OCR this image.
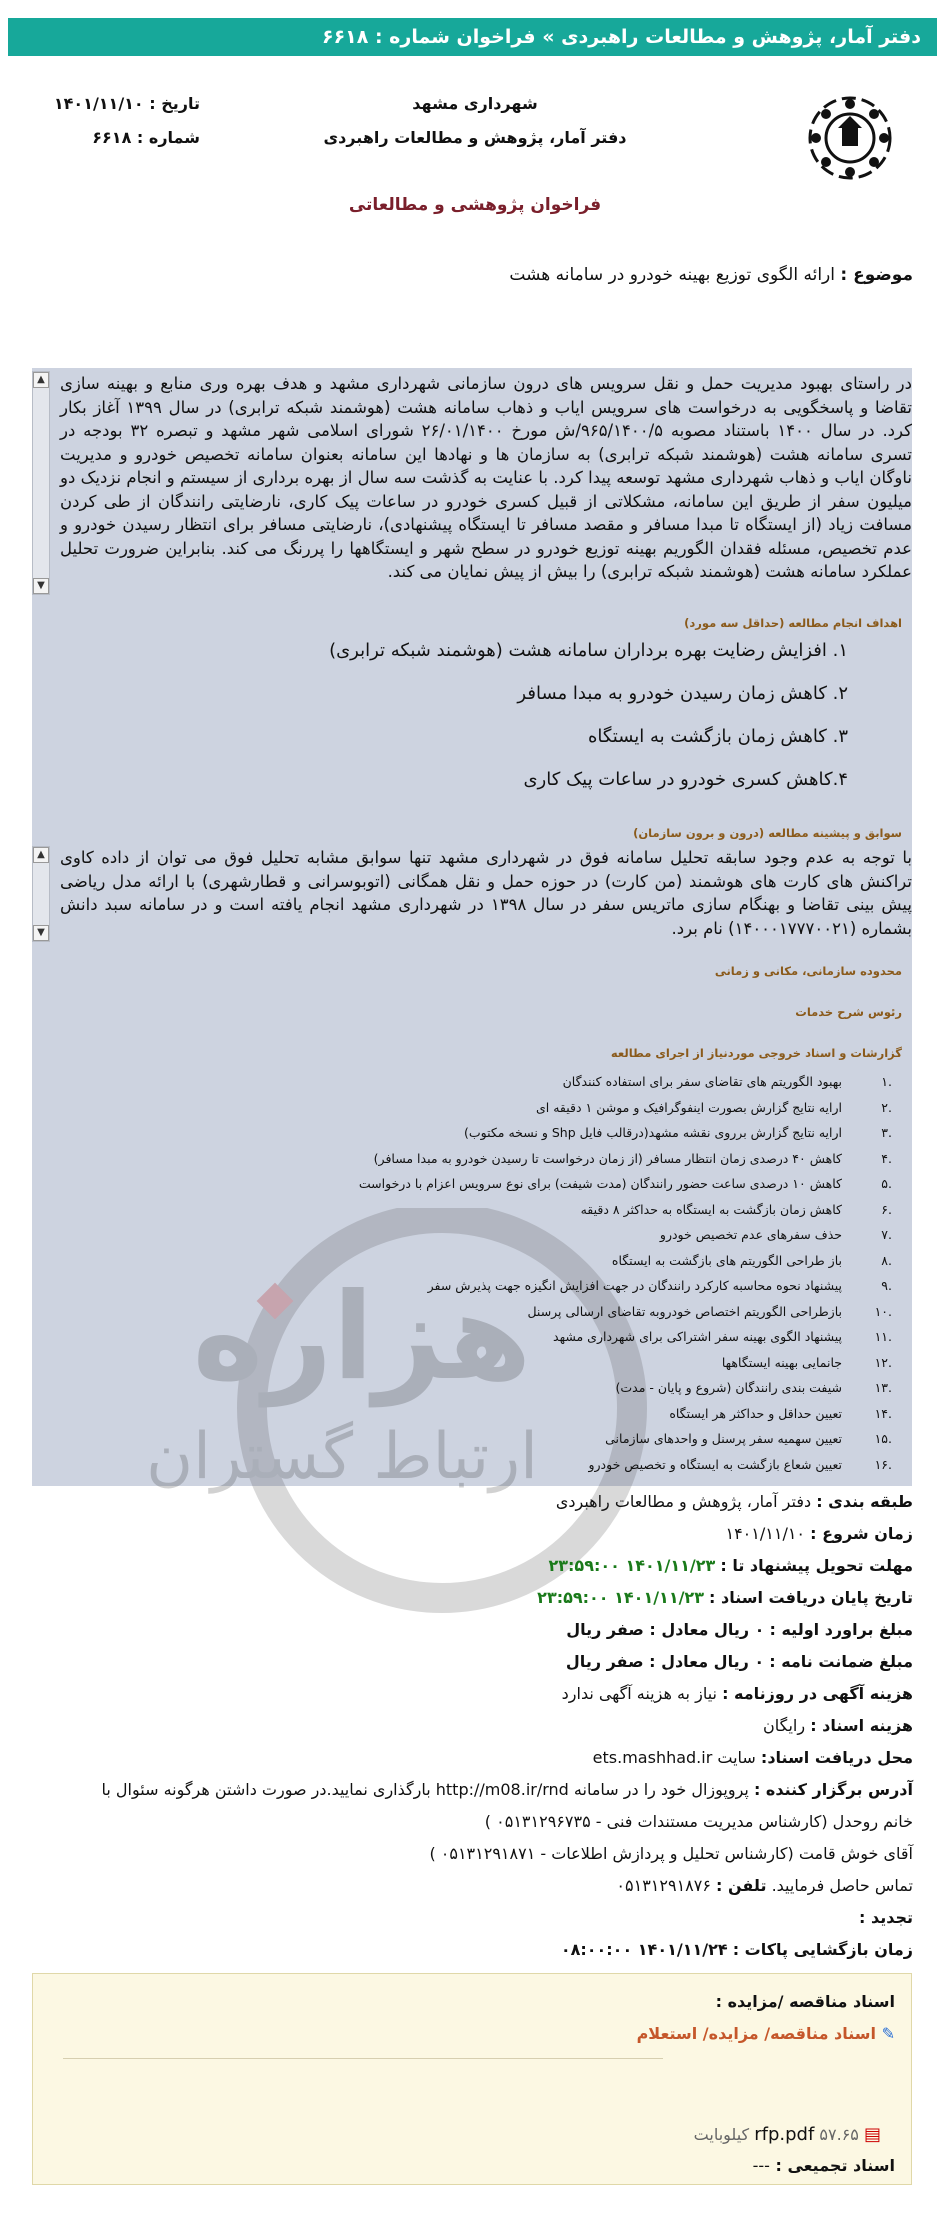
دفتر آمار، پژوهش و مطالعات راهبردی » فراخوان شماره : ۶۶۱۸
شهرداری مشهد
دفتر آمار، پژوهش و مطالعات راهبردی
تاریخ : ۱۴۰۱/۱۱/۱۰
شماره : ۶۶۱۸
فراخوان پژوهشی و مطالعاتی
موضوع : ارائه الگوی توزیع بهینه خودرو در سامانه هشت
هزاره
ارتباط گستران
▲
▼
در راستای بهبود مدیریت حمل و نقل سرویس های درون سازمانی شهرداری مشهد و هدف بهره وری منابع و بهینه سازی تقاضا و پاسخگویی به درخواست های سرویس ایاب و ذهاب سامانه هشت (هوشمند شبکه ترابری) در سال ۱۳۹۹ آغاز بکار کرد. در سال ۱۴۰۰ باستناد مصوبه ۹۶۵/۱۴۰۰/۵/ش مورخ ۲۶/۰۱/۱۴۰۰ شورای اسلامی شهر مشهد و تبصره ۳۲ بودجه در تسری سامانه هشت (هوشمند شبکه ترابری) به سازمان ها و نهادها این سامانه بعنوان سامانه تخصیص خودرو و مدیریت ناوگان ایاب و ذهاب شهرداری مشهد توسعه پیدا کرد. با عنایت به گذشت سه سال از بهره برداری از سیستم و انجام نزدیک دو میلیون سفر از طریق این سامانه، مشکلاتی از قبیل کسری خودرو در ساعات پیک کاری، نارضایتی رانندگان از طی کردن مسافت زیاد (از ایستگاه تا مبدا مسافر و مقصد مسافر تا ایستگاه پیشنهادی)، نارضایتی مسافر برای انتظار رسیدن خودرو و عدم تخصیص، مسئله فقدان الگوریم بهینه توزیع خودرو در سطح شهر و ایستگاهها را پررنگ می کند. بنابراین ضرورت تحلیل عملکرد سامانه هشت (هوشمند شبکه ترابری) را بیش از پیش نمایان می کند.
اهداف انجام مطالعه (حداقل سه مورد)
۱. افزایش رضایت بهره برداران سامانه هشت (هوشمند شبکه ترابری)
۲. کاهش زمان رسیدن خودرو به مبدا مسافر
۳. کاهش زمان بازگشت به ایستگاه
۴.کاهش کسری خودرو در ساعات پیک کاری
سوابق و پیشینه مطالعه (درون و برون سازمان)
▲
▼
با توجه به عدم وجود سابقه تحلیل سامانه فوق در شهرداری مشهد تنها سوابق مشابه تحلیل فوق می توان از داده کاوی تراکنش های کارت های هوشمند (من کارت) در حوزه حمل و نقل همگانی (اتوبوسرانی و قطارشهری) با ارائه مدل ریاضی پیش بینی تقاضا و بهنگام سازی ماتریس سفر در سال ۱۳۹۸ در شهرداری مشهد انجام یافته است و در سامانه سبد دانش بشماره (۱۴۰۰۰۱۷۷۷۰۰۲۱) نام برد.
محدوده سازمانی، مکانی و زمانی
رئوس شرح خدمات
گزارشات و اسناد خروجی موردنیاز از اجرای مطالعه
.۱
بهبود الگوریتم های تقاضای سفر برای استفاده کنندگان
.۲
ارایه نتایج گزارش بصورت اینفوگرافیک و موشن ۱ دقیقه ای
.۳
ارایه نتایج گزارش برروی نقشه مشهد(درقالب فایل Shp و نسخه مکتوب)
.۴
کاهش ۴۰ درصدی زمان انتظار مسافر (از زمان درخواست تا رسیدن خودرو به مبدا مسافر)
.۵
کاهش ۱۰ درصدی ساعت حضور رانندگان (مدت شیفت) برای نوع سرویس اعزام با درخواست
.۶
کاهش زمان بازگشت به ایستگاه به حداکثر ۸ دقیقه
.۷
حذف سفرهای عدم تخصیص خودرو
.۸
باز طراحی الگوریتم های بازگشت به ایستگاه
.۹
پیشنهاد نحوه محاسبه کارکرد رانندگان در جهت افزایش انگیزه جهت پذیرش سفر
.۱۰
بازطراحی الگوریتم اختصاص خودروبه تقاضای ارسالی پرسنل
.۱۱
پیشنهاد الگوی بهینه سفر اشتراکی برای شهرداری مشهد
.۱۲
جانمایی بهینه ایستگاهها
.۱۳
شیفت بندی رانندگان (شروع و پایان - مدت)
.۱۴
تعیین حداقل و حداکثر هر ایستگاه
.۱۵
تعیین سهمیه سفر پرسنل و واحدهای سازمانی
.۱۶
تعیین شعاع بازگشت به ایستگاه و تخصیص خودرو
طبقه بندی : دفتر آمار، پژوهش و مطالعات راهبردی
زمان شروع : ۱۴۰۱/۱۱/۱۰
مهلت تحویل پیشنهاد تا : ۱۴۰۱/۱۱/۲۳ ۲۳:۵۹:۰۰
تاریخ پایان دریافت اسناد : ۱۴۰۱/۱۱/۲۳ ۲۳:۵۹:۰۰
مبلغ براورد اولیه : ۰ ریال معادل : صفر ریال
مبلغ ضمانت نامه : ۰ ریال معادل : صفر ریال
هزینه آگهی در روزنامه : نیاز به هزینه آگهی ندارد
هزینه اسناد : رایگان
محل دریافت اسناد: سایت ets.mashhad.ir
آدرس برگزار کننده : پروپوزال خود را در سامانه http://m08.ir/rnd بارگذاری نمایید.در صورت داشتن هرگونه سئوال با
خانم روحدل (کارشناس مدیریت مستندات فنی - ۰۵۱۳۱۲۹۶۷۳۵ )
آقای خوش قامت (کارشناس تحلیل و پردازش اطلاعات - ۰۵۱۳۱۲۹۱۸۷۱ )
تماس حاصل فرمایید. تلفن : ۰۵۱۳۱۲۹۱۸۷۶
تجدید :
زمان بازگشایی پاکات : ۱۴۰۱/۱۱/۲۴ ۰۸:۰۰:۰۰
اسناد مناقصه /مزایده :
✎ اسناد مناقصه/ مزایده/ استعلام
▤ rfp.pdf ۵۷.۶۵ کیلوبایت
اسناد تجمیعی : ---
